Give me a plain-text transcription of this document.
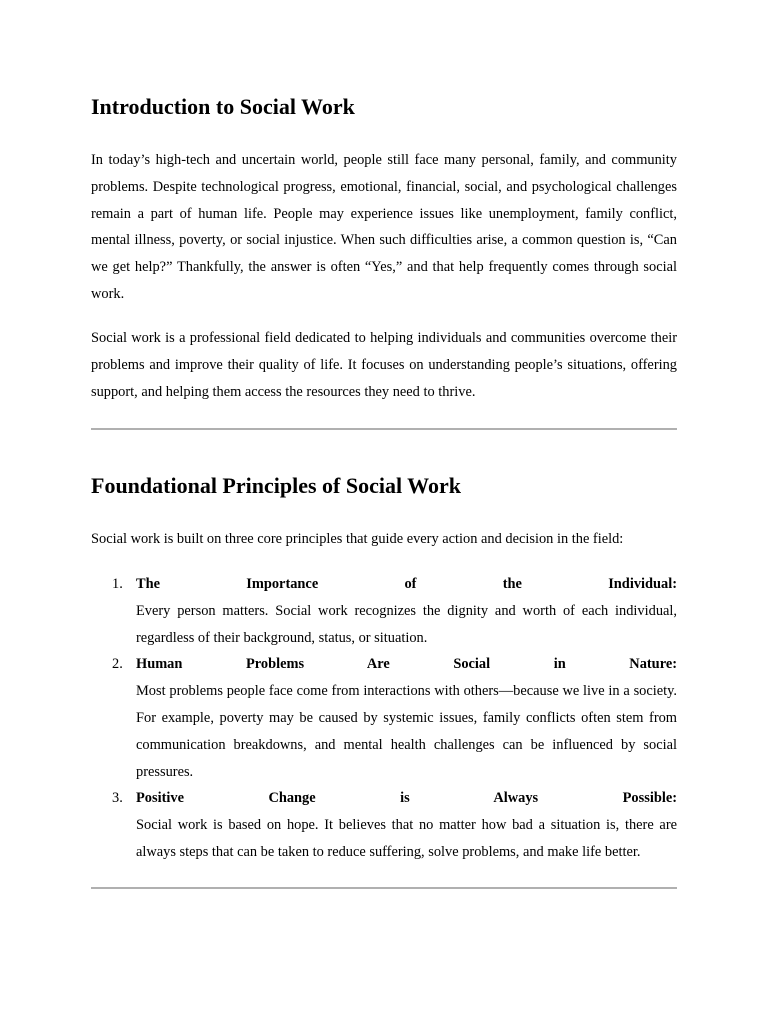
Introduction to Social Work

In today’s high-tech and uncertain world, people still face many personal, family, and community problems. Despite technological progress, emotional, financial, social, and psychological challenges remain a part of human life. People may experience issues like unemployment, family conflict, mental illness, poverty, or social injustice. When such difficulties arise, a common question is, “Can we get help?” Thankfully, the answer is often “Yes,” and that help frequently comes through social work.

Social work is a professional field dedicated to helping individuals and communities overcome their problems and improve their quality of life. It focuses on understanding people’s situations, offering support, and helping them access the resources they need to thrive.

Foundational Principles of Social Work

Social work is built on three core principles that guide every action and decision in the field:

1. The Importance of the Individual:
Every person matters. Social work recognizes the dignity and worth of each individual, regardless of their background, status, or situation.
2. Human Problems Are Social in Nature:
Most problems people face come from interactions with others—because we live in a society. For example, poverty may be caused by systemic issues, family conflicts often stem from communication breakdowns, and mental health challenges can be influenced by social pressures.
3. Positive Change is Always Possible:
Social work is based on hope. It believes that no matter how bad a situation is, there are always steps that can be taken to reduce suffering, solve problems, and make life better.
